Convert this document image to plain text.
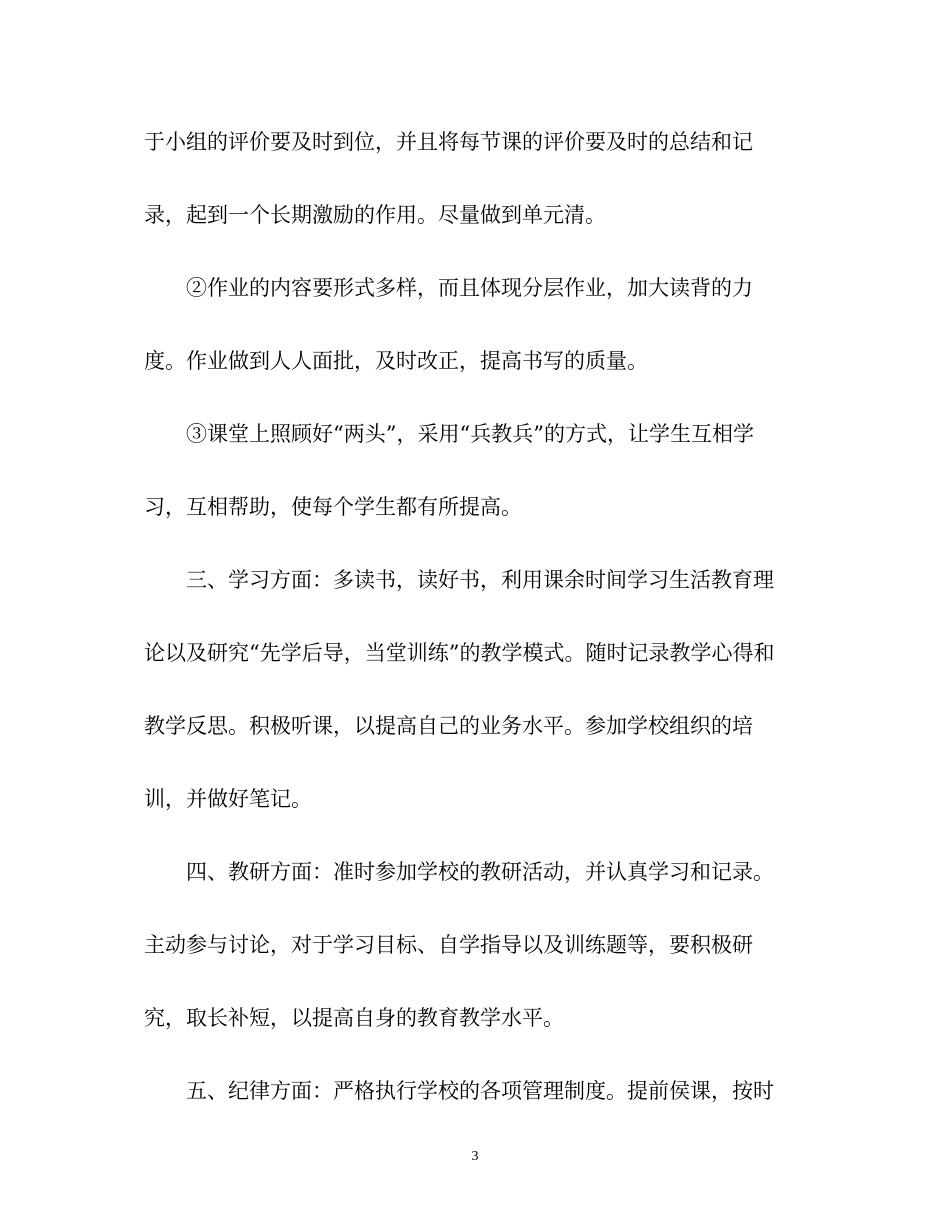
于小组的评价要及时到位，并且将每节课的评价要及时的总结和记
录，起到一个长期激励的作用。尽量做到单元清。
②作业的内容要形式多样，而且体现分层作业，加大读背的力
度。作业做到人人面批，及时改正，提高书写的质量。
③课堂上照顾好“两头”，采用“兵教兵”的方式，让学生互相学
习，互相帮助，使每个学生都有所提高。
三、学习方面：多读书，读好书，利用课余时间学习生活教育理
论以及研究“先学后导，当堂训练”的教学模式。随时记录教学心得和
教学反思。积极听课，以提高自己的业务水平。参加学校组织的培
训，并做好笔记。
四、教研方面：准时参加学校的教研活动，并认真学习和记录。
主动参与讨论，对于学习目标、自学指导以及训练题等，要积极研
究，取长补短，以提高自身的教育教学水平。
五、纪律方面：严格执行学校的各项管理制度。提前侯课，按时
3
